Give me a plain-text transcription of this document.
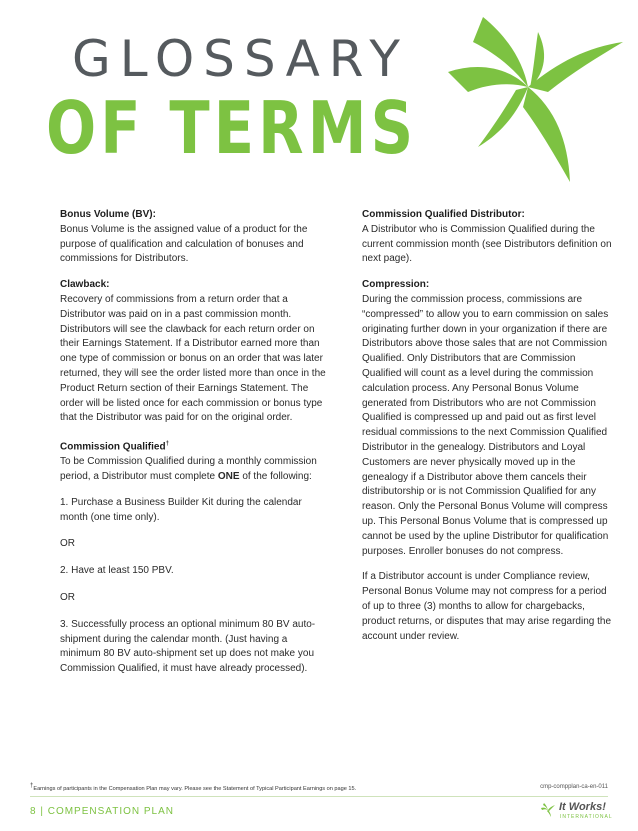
GLOSSARY
OF TERMS
Bonus Volume (BV):
Bonus Volume is the assigned value of a product for the purpose of qualification and calculation of bonuses and commissions for Distributors.
Clawback:
Recovery of commissions from a return order that a Distributor was paid on in a past commission month. Distributors will see the clawback for each return order on their Earnings Statement. If a Distributor earned more than one type of commission or bonus on an order that was later returned, they will see the order listed more than once in the Product Return section of their Earnings Statement. The order will be listed once for each commission or bonus type that the Distributor was paid for on the original order.
Commission Qualified†
To be Commission Qualified during a monthly commission period, a Distributor must complete ONE of the following:

1. Purchase a Business Builder Kit during the calendar month (one time only).

OR

2. Have at least 150 PBV.

OR

3. Successfully process an optional minimum 80 BV auto-shipment during the calendar month. (Just having a minimum 80 BV auto-shipment set up does not make you Commission Qualified, it must have already processed).

Commission Qualified Distributor:
A Distributor who is Commission Qualified during the current commission month (see Distributors definition on next page).
Compression:
During the commission process, commissions are “compressed” to allow you to earn commission on sales originating further down in your organization if there are Distributors above those sales that are not Commission Qualified. Only Distributors that are Commission Qualified will count as a level during the commission calculation process. Any Personal Bonus Volume generated from Distributors who are not Commission Qualified is compressed up and paid out as first level residual commissions to the next Commission Qualified Distributor in the genealogy. Distributors and Loyal Customers are never physically moved up in the genealogy if a Distributor above them cancels their distributorship or is not Commission Qualified for any reason. Only the Personal Bonus Volume will compress up. This Personal Bonus Volume that is compressed up cannot be used by the upline Distributor for qualification purposes. Enroller bonuses do not compress.

If a Distributor account is under Compliance review, Personal Bonus Volume may not compress for a period of up to three (3) months to allow for chargebacks, product returns, or disputes that may arise regarding the account under review.

†Earnings of participants in the Compensation Plan may vary. Please see the Statement of Typical Participant Earnings on page 15.	cmp-compplan-ca-en-011
8 | COMPENSATION PLAN	It Works!
INTERNATIONAL
